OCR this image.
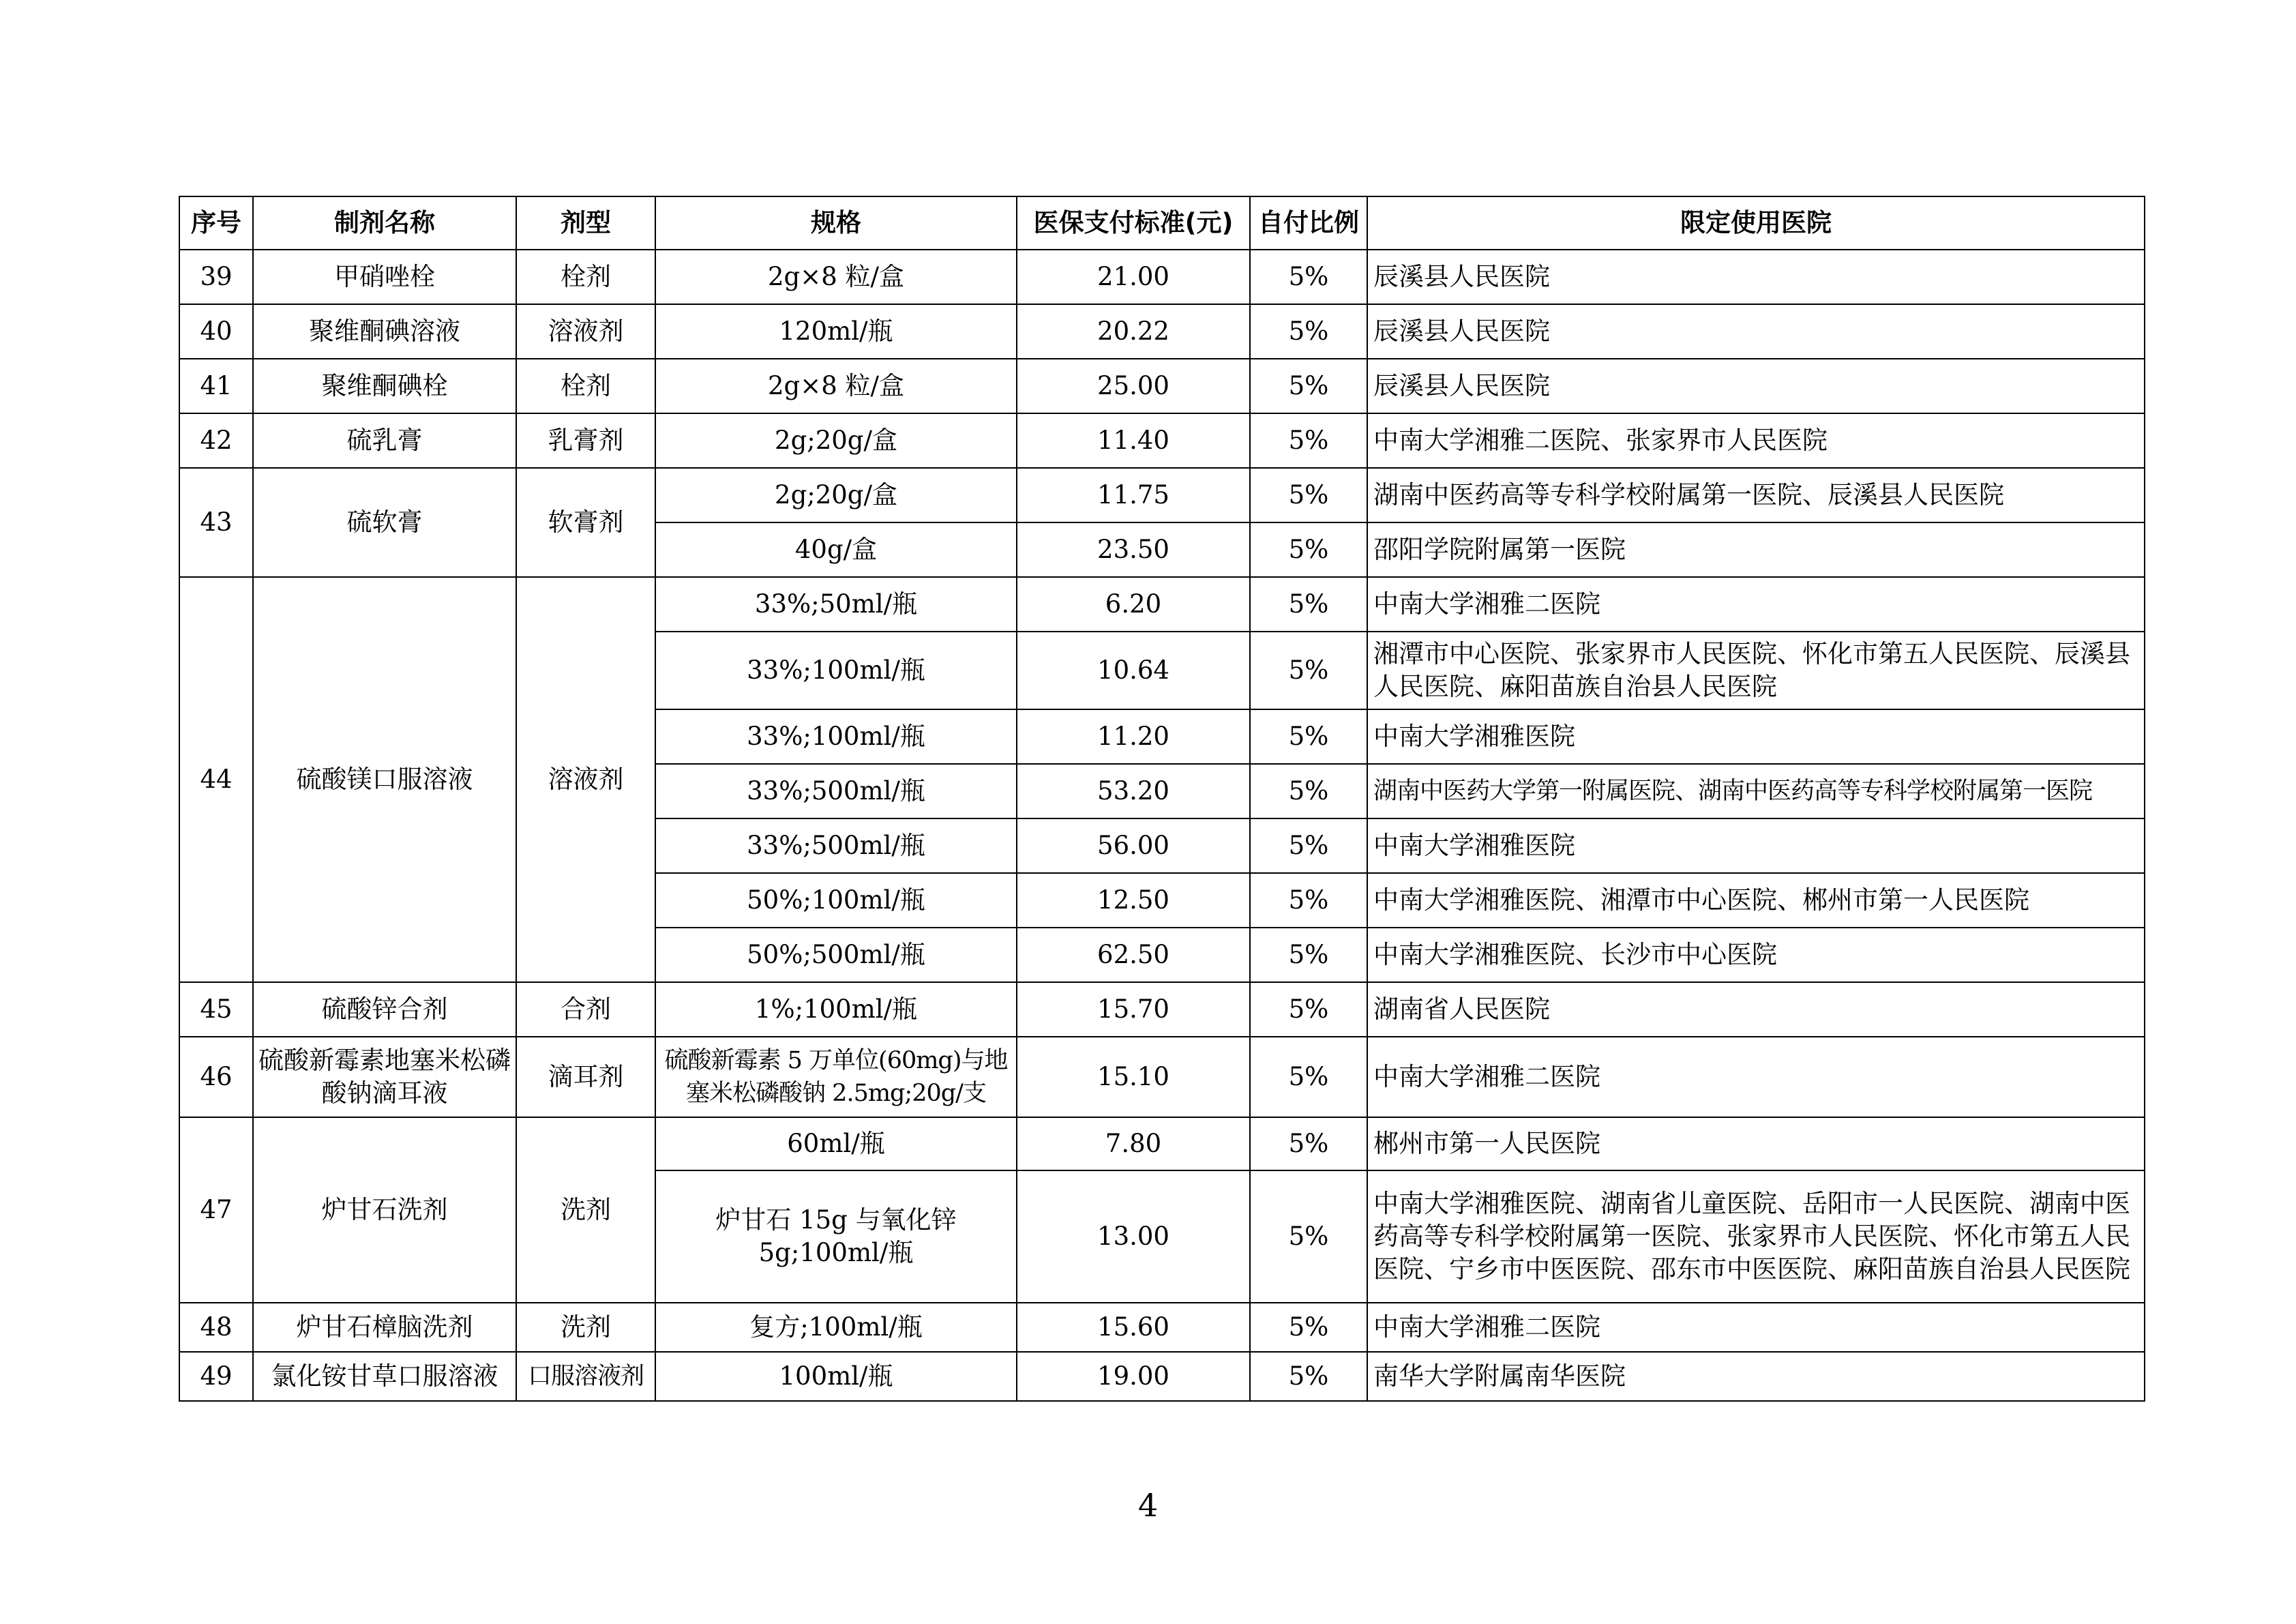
序号	制剂名称	剂型	规格	医保支付标准(元)	自付比例	限定使用医院
39	甲硝唑栓	栓剂	2g×8 粒/盒	21.00	5%	辰溪县人民医院
40	聚维酮碘溶液	溶液剂	120ml/瓶	20.22	5%	辰溪县人民医院
41	聚维酮碘栓	栓剂	2g×8 粒/盒	25.00	5%	辰溪县人民医院
42	硫乳膏	乳膏剂	2g;20g/盒	11.40	5%	中南大学湘雅二医院、张家界市人民医院
43	硫软膏	软膏剂	2g;20g/盒	11.75	5%	湖南中医药高等专科学校附属第一医院、辰溪县人民医院
			40g/盒	23.50	5%	邵阳学院附属第一医院
44	硫酸镁口服溶液	溶液剂	33%;50ml/瓶	6.20	5%	中南大学湘雅二医院
			33%;100ml/瓶	10.64	5%	湘潭市中心医院、张家界市人民医院、怀化市第五人民医院、辰溪县人民医院、麻阳苗族自治县人民医院
			33%;100ml/瓶	11.20	5%	中南大学湘雅医院
			33%;500ml/瓶	53.20	5%	湖南中医药大学第一附属医院、湖南中医药高等专科学校附属第一医院
			33%;500ml/瓶	56.00	5%	中南大学湘雅医院
			50%;100ml/瓶	12.50	5%	中南大学湘雅医院、湘潭市中心医院、郴州市第一人民医院
			50%;500ml/瓶	62.50	5%	中南大学湘雅医院、长沙市中心医院
45	硫酸锌合剂	合剂	1%;100ml/瓶	15.70	5%	湖南省人民医院
46	硫酸新霉素地塞米松磷酸钠滴耳液	滴耳剂	硫酸新霉素 5 万单位(60mg)与地塞米松磷酸钠 2.5mg;20g/支	15.10	5%	中南大学湘雅二医院
47	炉甘石洗剂	洗剂	60ml/瓶	7.80	5%	郴州市第一人民医院
			炉甘石 15g 与氧化锌 5g;100ml/瓶	13.00	5%	中南大学湘雅医院、湖南省儿童医院、岳阳市一人民医院、湖南中医药高等专科学校附属第一医院、张家界市人民医院、怀化市第五人民医院、宁乡市中医医院、邵东市中医医院、麻阳苗族自治县人民医院
48	炉甘石樟脑洗剂	洗剂	复方;100ml/瓶	15.60	5%	中南大学湘雅二医院
49	氯化铵甘草口服溶液	口服溶液剂	100ml/瓶	19.00	5%	南华大学附属南华医院
4
